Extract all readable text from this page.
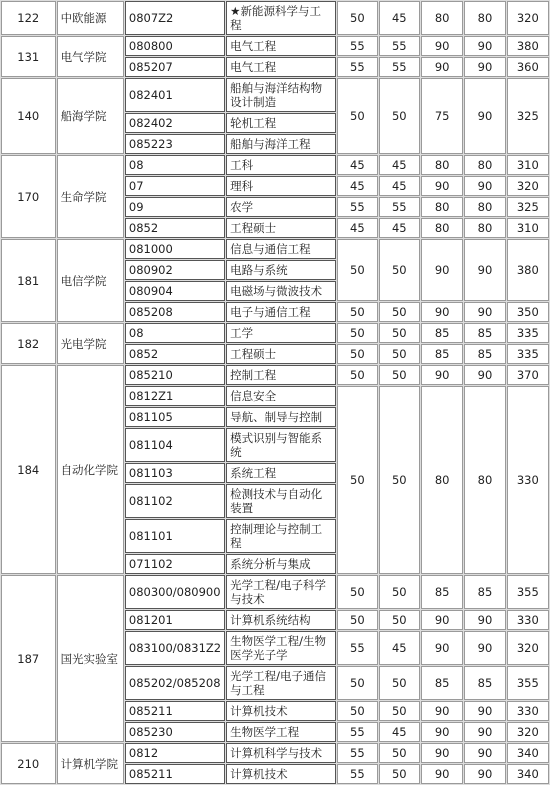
122	中欧能源	0807Z2	★新能源科学与工程	50	45	80	80	320
131	电气学院	080800	电气工程	55	55	90	90	380
		085207	电气工程	55	55	90	90	360
140	船海学院	082401	船舶与海洋结构物设计制造	50	50	75	90	325
		082402	轮机工程					
		085223	船舶与海洋工程					
170	生命学院	08	工科	45	45	80	80	310
		07	理科	45	45	90	90	320
		09	农学	55	55	80	80	325
		0852	工程硕士	45	45	80	80	310
181	电信学院	081000	信息与通信工程	50	50	90	90	380
		080902	电路与系统					
		080904	电磁场与微波技术					
		085208	电子与通信工程	50	50	90	90	350
182	光电学院	08	工学	50	50	85	85	335
		0852	工程硕士	50	50	85	85	335
184	自动化学院	085210	控制工程	50	50	90	90	370
		0812Z1	信息安全	50	50	80	80	330
		081105	导航、制导与控制					
		081104	模式识别与智能系统					
		081103	系统工程					
		081102	检测技术与自动化装置					
		081101	控制理论与控制工程					
		071102	系统分析与集成					
187	国光实验室	080300/080900	光学工程/电子科学与技术	50	50	85	85	355
		081201	计算机系统结构	50	50	90	90	330
		083100/0831Z2	生物医学工程/生物医学光子学	55	45	90	90	320
		085202/085208	光学工程/电子通信与工程	50	50	85	85	355
		085211	计算机技术	50	50	90	90	330
		085230	生物医学工程	55	45	90	90	320
210	计算机学院	0812	计算机科学与技术	55	50	90	90	340
		085211	计算机技术	55	50	90	90	340
